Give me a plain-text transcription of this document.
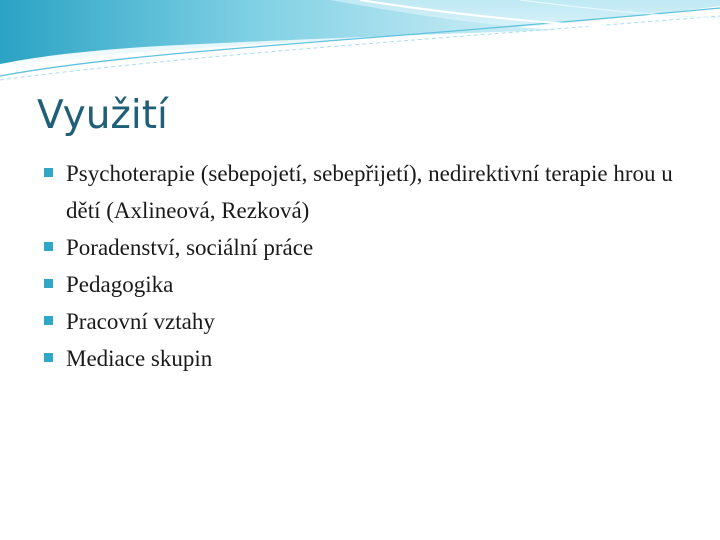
Využití
Psychoterapie (sebepojetí, sebepřijetí), nedirektivní terapie hrou u dětí (Axlineová, Rezková)
Poradenství, sociální práce
Pedagogika
Pracovní vztahy
Mediace skupin
